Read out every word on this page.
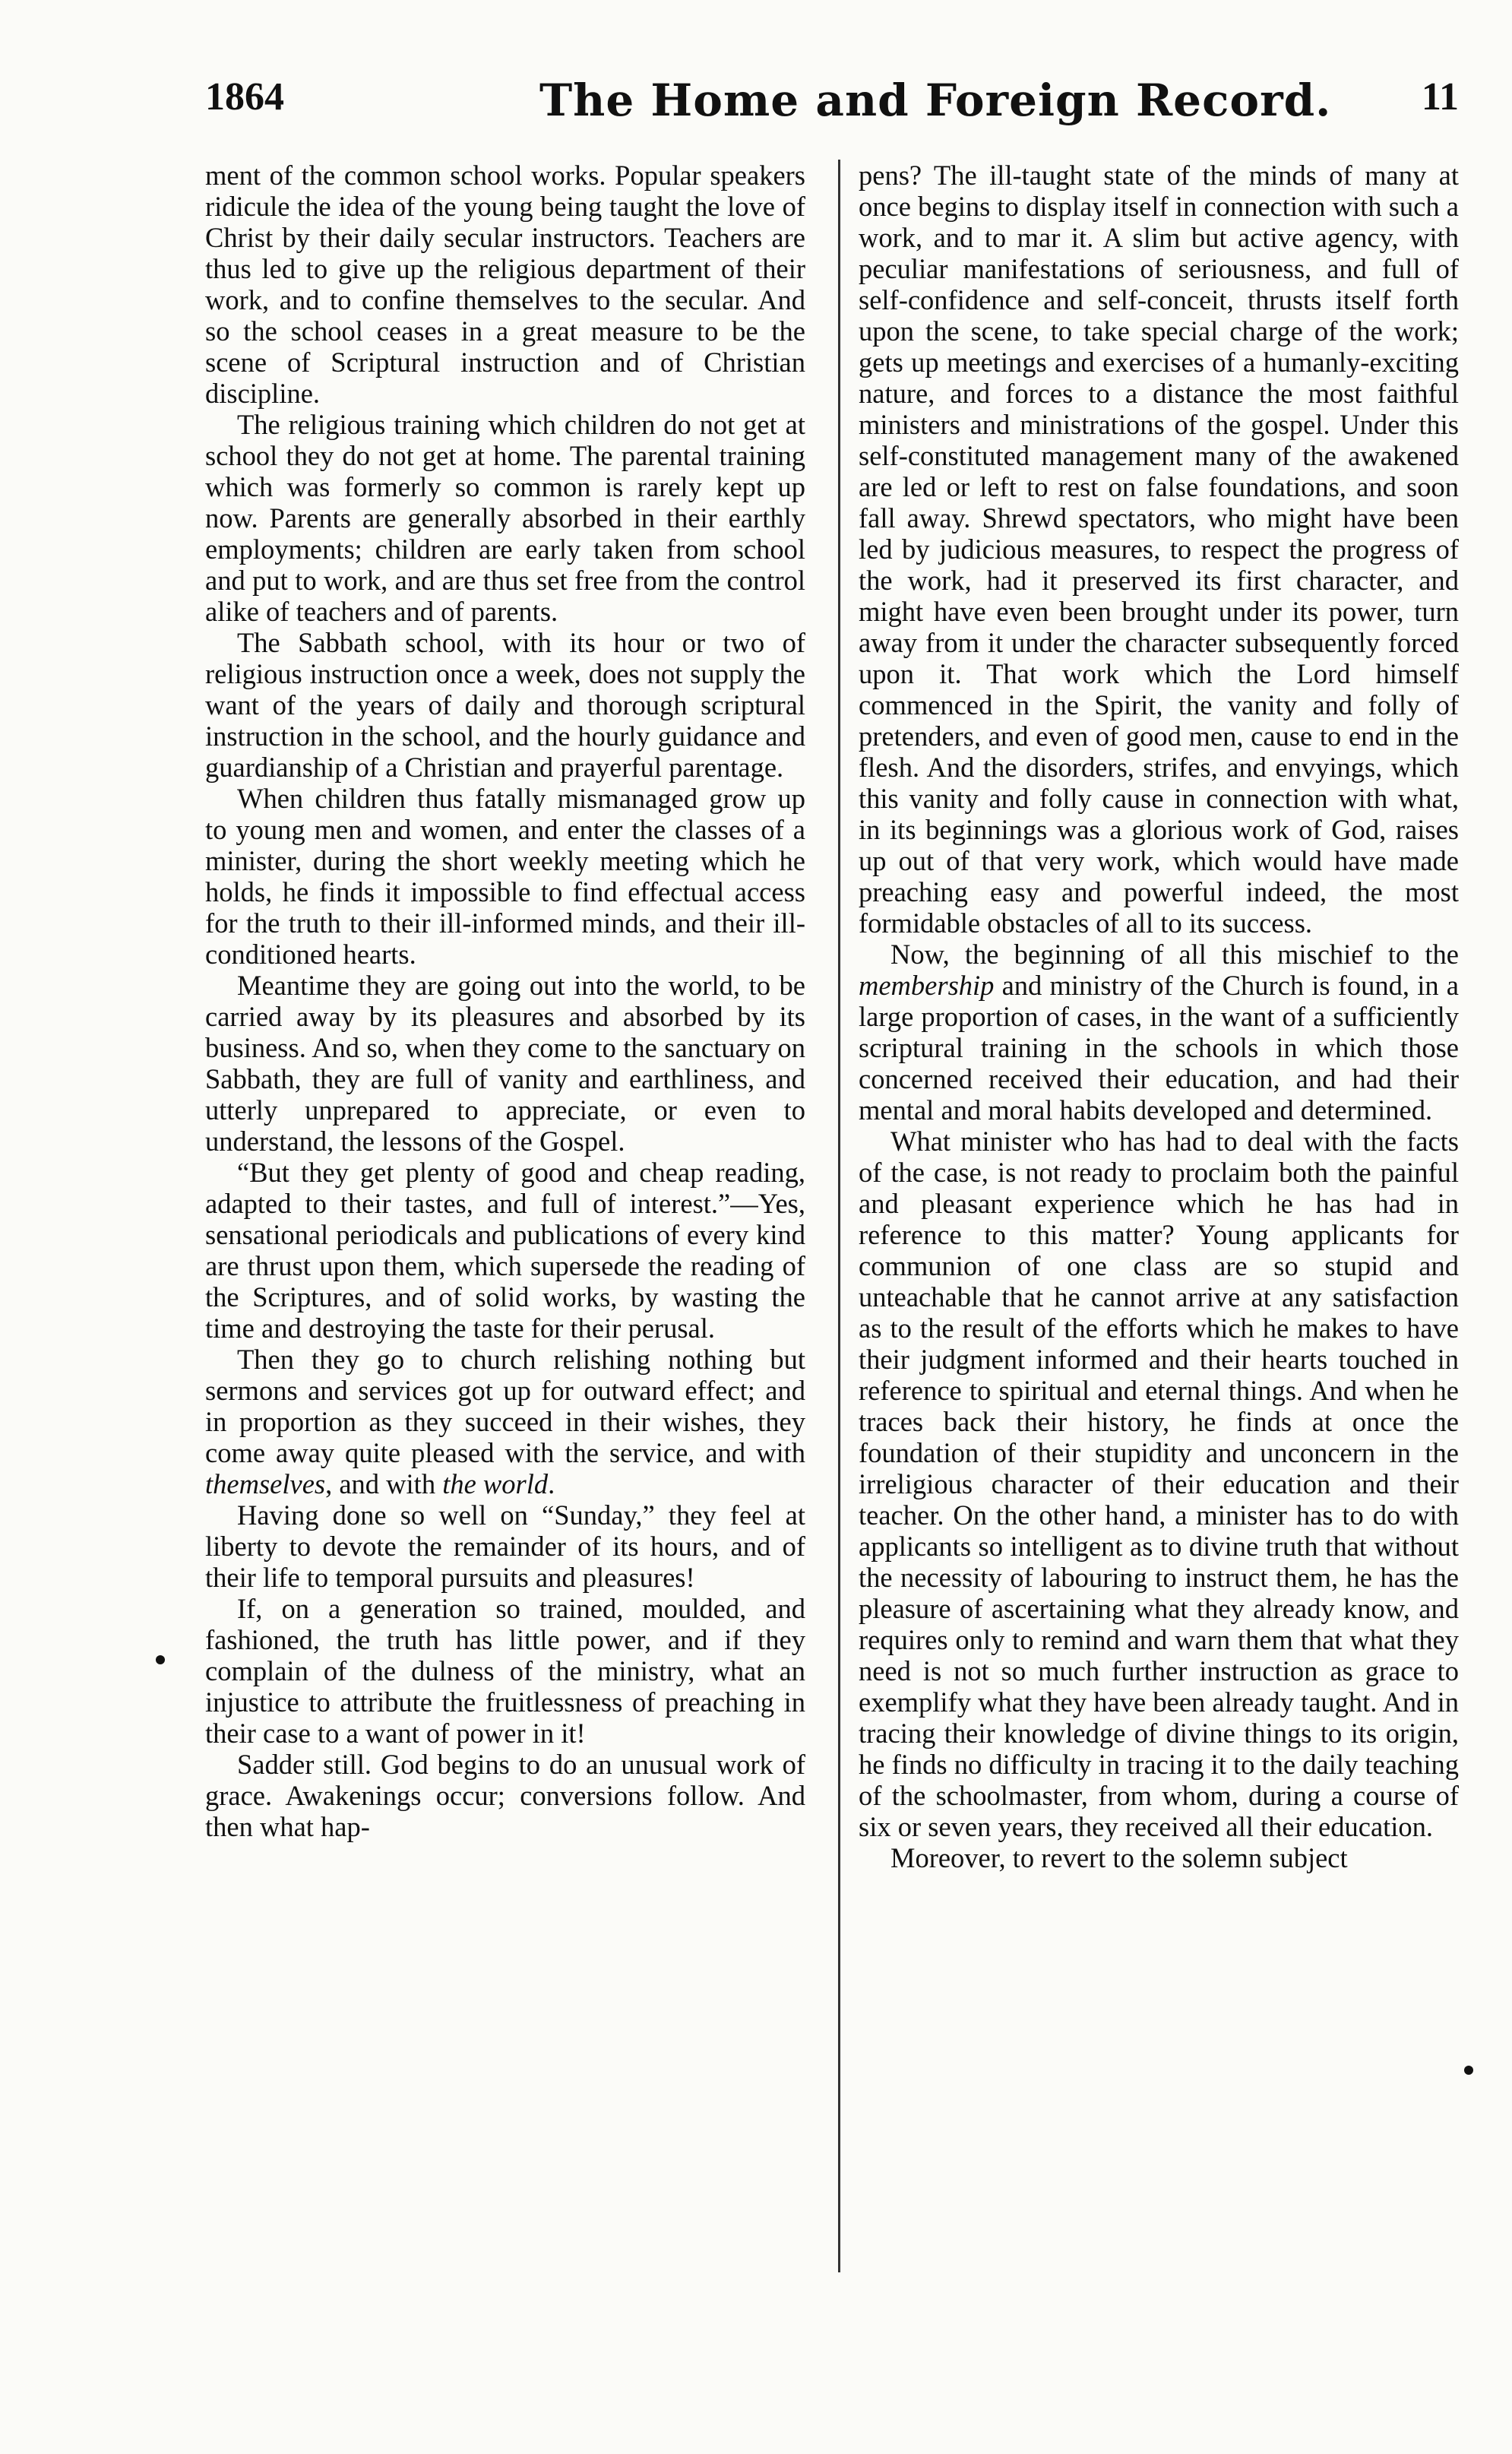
1864	The Home and Foreign Record. 11

ment of the common school works. Popular speakers ridicule the idea of the young being taught the love of Christ by their daily secular instructors. Teachers are thus led to give up the religious department of their work, and to confine themselves to the secular. And so the school ceases in a great measure to be the scene of Scriptural instruction and of Christian discipline.

The religious training which children do not get at school they do not get at home. The parental training which was formerly so common is rarely kept up now. Parents are generally absorbed in their earthly employments; children are early taken from school and put to work, and are thus set free from the control alike of teachers and of parents.

The Sabbath school, with its hour or two of religious instruction once a week, does not supply the want of the years of daily and thorough scriptural instruction in the school, and the hourly guidance and guardianship of a Christian and prayerful parentage.

When children thus fatally mismanaged grow up to young men and women, and enter the classes of a minister, during the short weekly meeting which he holds, he finds it impossible to find effectual access for the truth to their ill-informed minds, and their ill-conditioned hearts.

Meantime they are going out into the world, to be carried away by its pleasures and absorbed by its business. And so, when they come to the sanctuary on Sabbath, they are full of vanity and earthliness, and utterly unprepared to appreciate, or even to understand, the lessons of the Gospel.

“But they get plenty of good and cheap reading, adapted to their tastes, and full of interest.”—Yes, sensational periodicals and publications of every kind are thrust upon them, which supersede the reading of the Scriptures, and of solid works, by wasting the time and destroying the taste for their perusal.

Then they go to church relishing nothing but sermons and services got up for outward effect; and in proportion as they succeed in their wishes, they come away quite pleased with the service, and with themselves, and with the world.

Having done so well on “Sunday,” they feel at liberty to devote the remainder of its hours, and of their life to temporal pursuits and pleasures!

If, on a generation so trained, moulded, and fashioned, the truth has little power, and if they complain of the dulness of the ministry, what an injustice to attribute the fruitlessness of preaching in their case to a want of power in it!

Sadder still. God begins to do an unusual work of grace. Awakenings occur; conversions follow. And then what hap-

pens? The ill-taught state of the minds of many at once begins to display itself in connection with such a work, and to mar it. A slim but active agency, with peculiar manifestations of seriousness, and full of self-confidence and self-conceit, thrusts itself forth upon the scene, to take special charge of the work; gets up meetings and exercises of a humanly-exciting nature, and forces to a distance the most faithful ministers and ministrations of the gospel. Under this self-constituted management many of the awakened are led or left to rest on false foundations, and soon fall away. Shrewd spectators, who might have been led by judicious measures, to respect the progress of the work, had it preserved its first character, and might have even been brought under its power, turn away from it under the character subsequently forced upon it. That work which the Lord himself commenced in the Spirit, the vanity and folly of pretenders, and even of good men, cause to end in the flesh. And the disorders, strifes, and envyings, which this vanity and folly cause in connection with what, in its beginnings was a glorious work of God, raises up out of that very work, which would have made preaching easy and powerful indeed, the most formidable obstacles of all to its success.

Now, the beginning of all this mischief to the membership and ministry of the Church is found, in a large proportion of cases, in the want of a sufficiently scriptural training in the schools in which those concerned received their education, and had their mental and moral habits developed and determined.

What minister who has had to deal with the facts of the case, is not ready to proclaim both the painful and pleasant experience which he has had in reference to this matter? Young applicants for communion of one class are so stupid and unteachable that he cannot arrive at any satisfaction as to the result of the efforts which he makes to have their judgment informed and their hearts touched in reference to spiritual and eternal things. And when he traces back their history, he finds at once the foundation of their stupidity and unconcern in the irreligious character of their education and their teacher. On the other hand, a minister has to do with applicants so intelligent as to divine truth that without the necessity of labouring to instruct them, he has the pleasure of ascertaining what they already know, and requires only to remind and warn them that what they need is not so much further instruction as grace to exemplify what they have been already taught. And in tracing their knowledge of divine things to its origin, he finds no difficulty in tracing it to the daily teaching of the schoolmaster, from whom, during a course of six or seven years, they received all their education.

Moreover, to revert to the solemn subject
